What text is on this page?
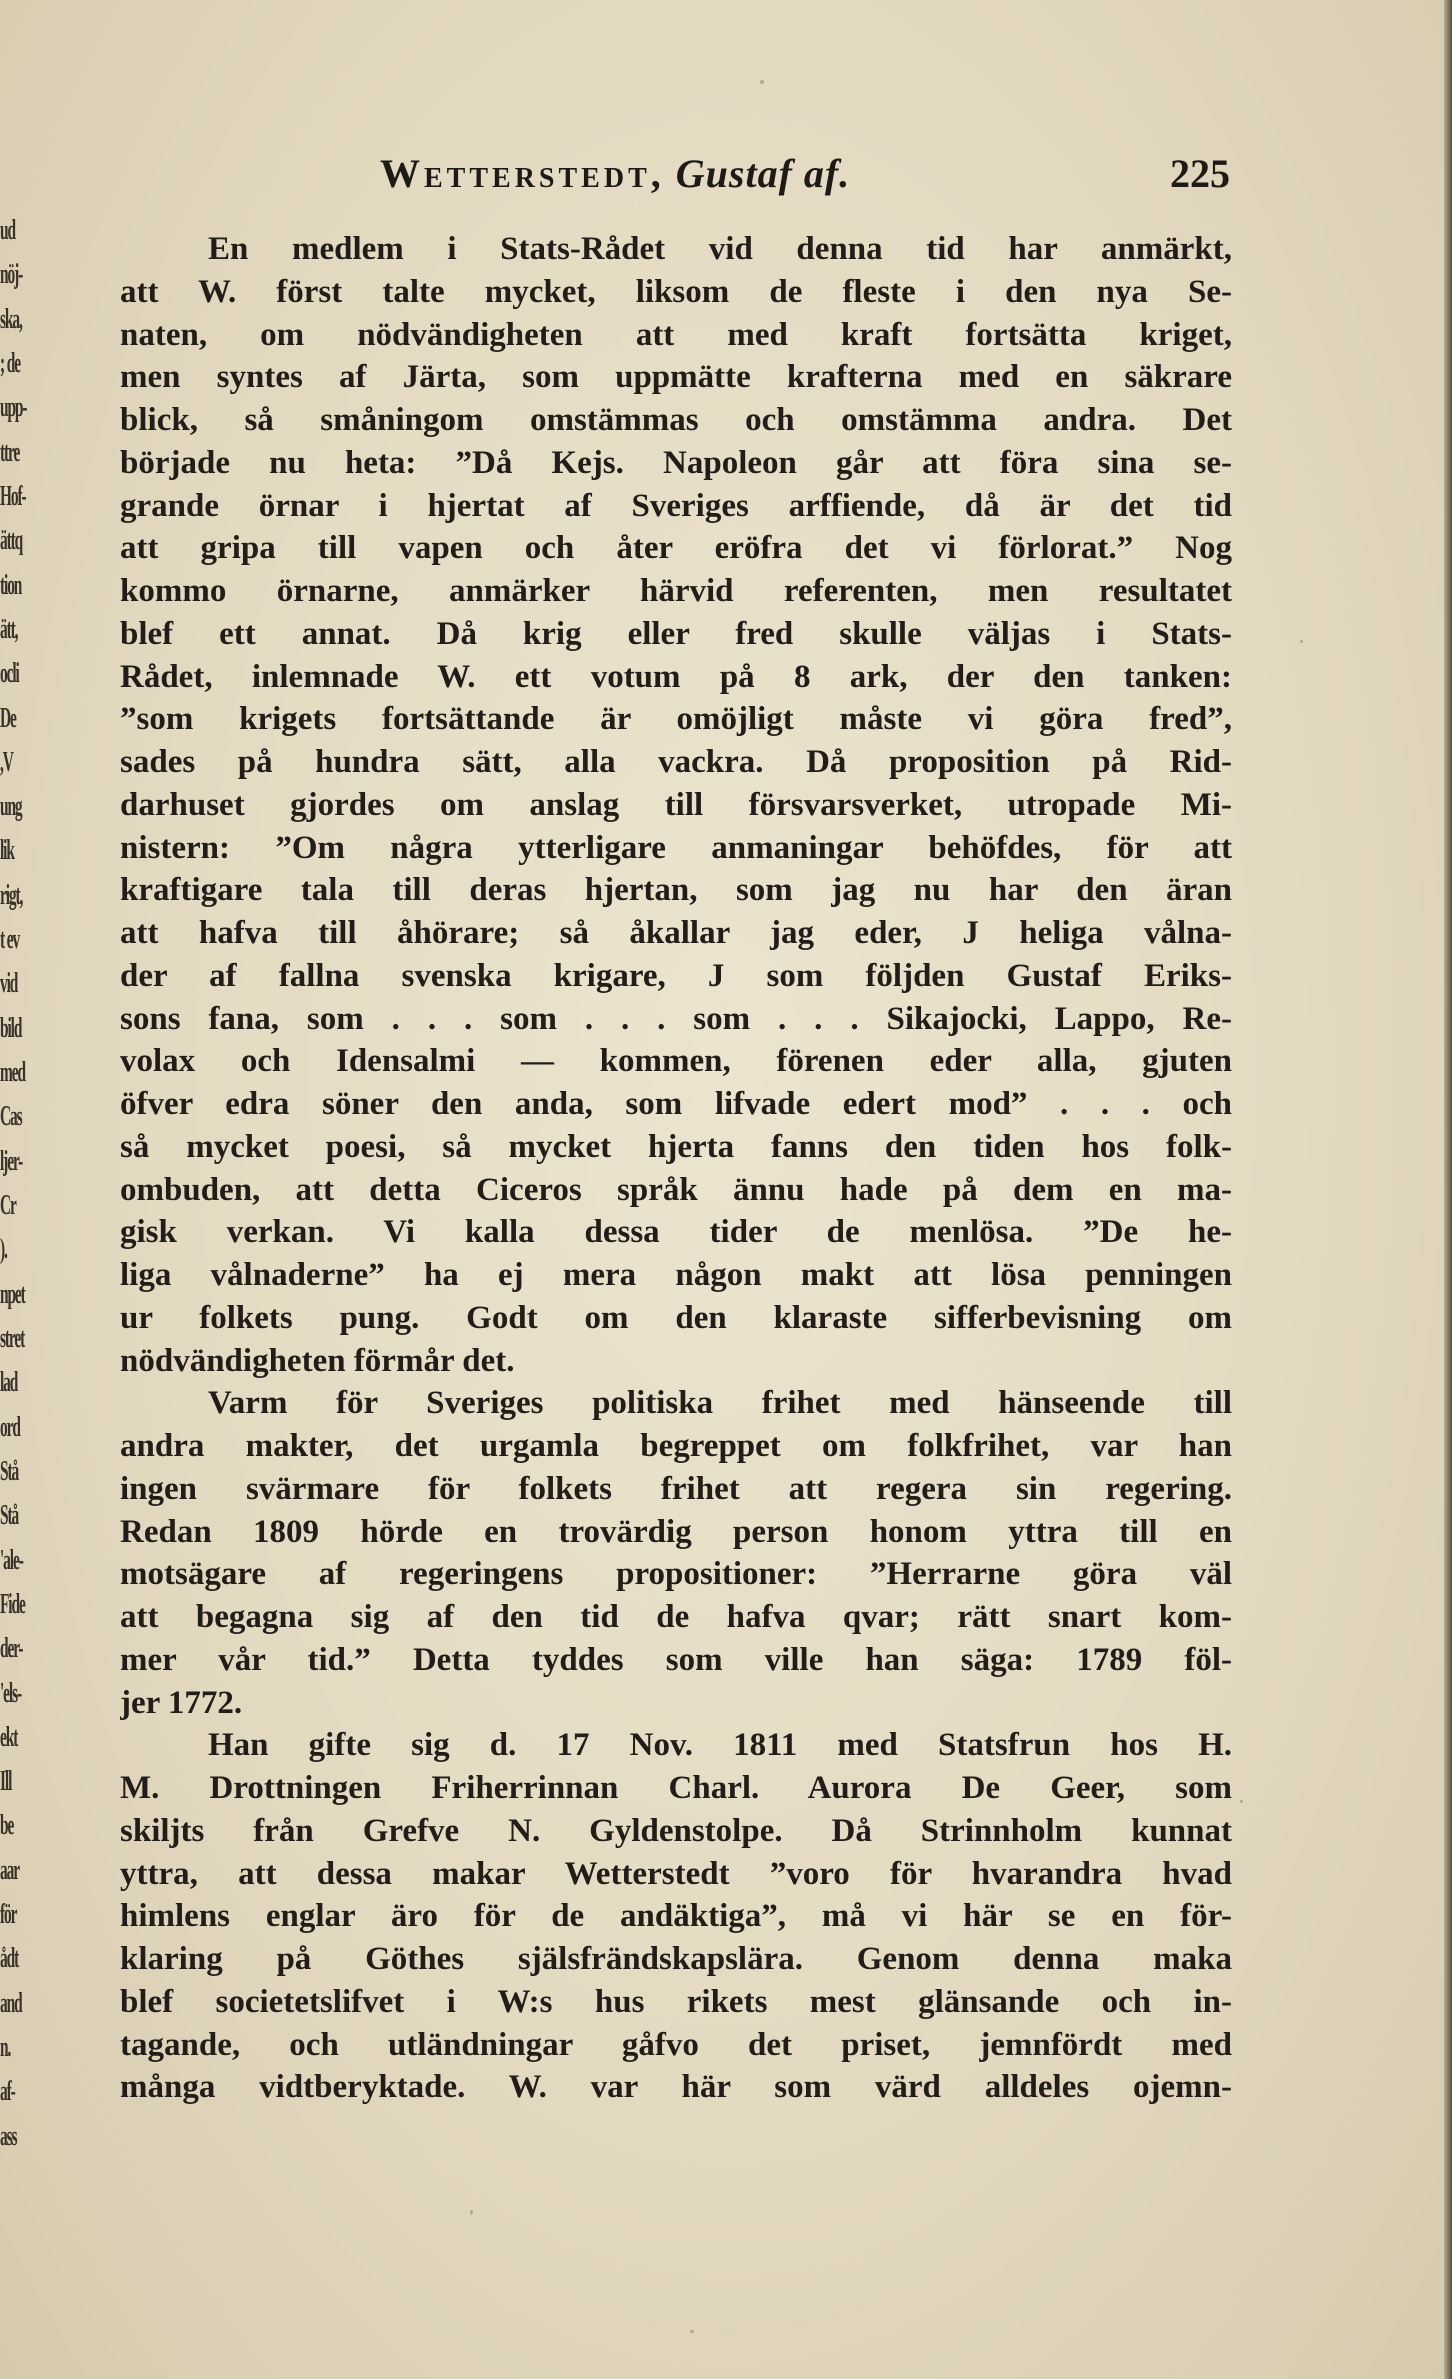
ud
nöj-
ska,
; de
upp-
ttre
Hof-
ättq
tion
ätt,
ocli
De
,V
ung
lik
rigt,
t ev
vid
bild
med
Cas
ljer-
Cr
).
npet
stret
lad
ord
Stå
Stå
'ale-
Fide
der-
'els-
ekt
Ill
be
aar
för
ådt
and
n.
af-
ass
Wetterstedt, Gustaf af.	225
En medlem i Stats-Rådet vid denna tid har anmärkt,
att W. först talte mycket, liksom de fleste i den nya Se-
naten, om nödvändigheten att med kraft fortsätta kriget,
men syntes af Järta, som uppmätte krafterna med en säkrare
blick, så småningom omstämmas och omstämma andra. Det
började nu heta: ”Då Kejs. Napoleon går att föra sina se-
grande örnar i hjertat af Sveriges arffiende, då är det tid
att gripa till vapen och åter eröfra det vi förlorat.” Nog
kommo örnarne, anmärker härvid referenten, men resultatet
blef ett annat. Då krig eller fred skulle väljas i Stats-
Rådet, inlemnade W. ett votum på 8 ark, der den tanken:
”som krigets fortsättande är omöjligt måste vi göra fred”,
sades på hundra sätt, alla vackra. Då proposition på Rid-
darhuset gjordes om anslag till försvarsverket, utropade Mi-
nistern: ”Om några ytterligare anmaningar behöfdes, för att
kraftigare tala till deras hjertan, som jag nu har den äran
att hafva till åhörare; så åkallar jag eder, J heliga vålna-
der af fallna svenska krigare, J som följden Gustaf Eriks-
sons fana, som . . . som . . . som . . . Sikajocki, Lappo, Re-
volax och Idensalmi — kommen, förenen eder alla, gjuten
öfver edra söner den anda, som lifvade edert mod” . . . och
så mycket poesi, så mycket hjerta fanns den tiden hos folk-
ombuden, att detta Ciceros språk ännu hade på dem en ma-
gisk verkan. Vi kalla dessa tider de menlösa. ”De he-
liga vålnaderne” ha ej mera någon makt att lösa penningen
ur folkets pung. Godt om den klaraste sifferbevisning om
nödvändigheten förmår det.
Varm för Sveriges politiska frihet med hänseende till
andra makter, det urgamla begreppet om folkfrihet, var han
ingen svärmare för folkets frihet att regera sin regering.
Redan 1809 hörde en trovärdig person honom yttra till en
motsägare af regeringens propositioner: ”Herrarne göra väl
att begagna sig af den tid de hafva qvar; rätt snart kom-
mer vår tid.” Detta tyddes som ville han säga: 1789 föl-
jer 1772.
Han gifte sig d. 17 Nov. 1811 med Statsfrun hos H.
M. Drottningen Friherrinnan Charl. Aurora De Geer, som
skiljts från Grefve N. Gyldenstolpe. Då Strinnholm kunnat
yttra, att dessa makar Wetterstedt ”voro för hvarandra hvad
himlens englar äro för de andäktiga”, må vi här se en för-
klaring på Göthes själsfrändskapslära. Genom denna maka
blef societetslifvet i W:s hus rikets mest glänsande och in-
tagande, och utländningar gåfvo det priset, jemnfördt med
många vidtberyktade. W. var här som värd alldeles ojemn-
